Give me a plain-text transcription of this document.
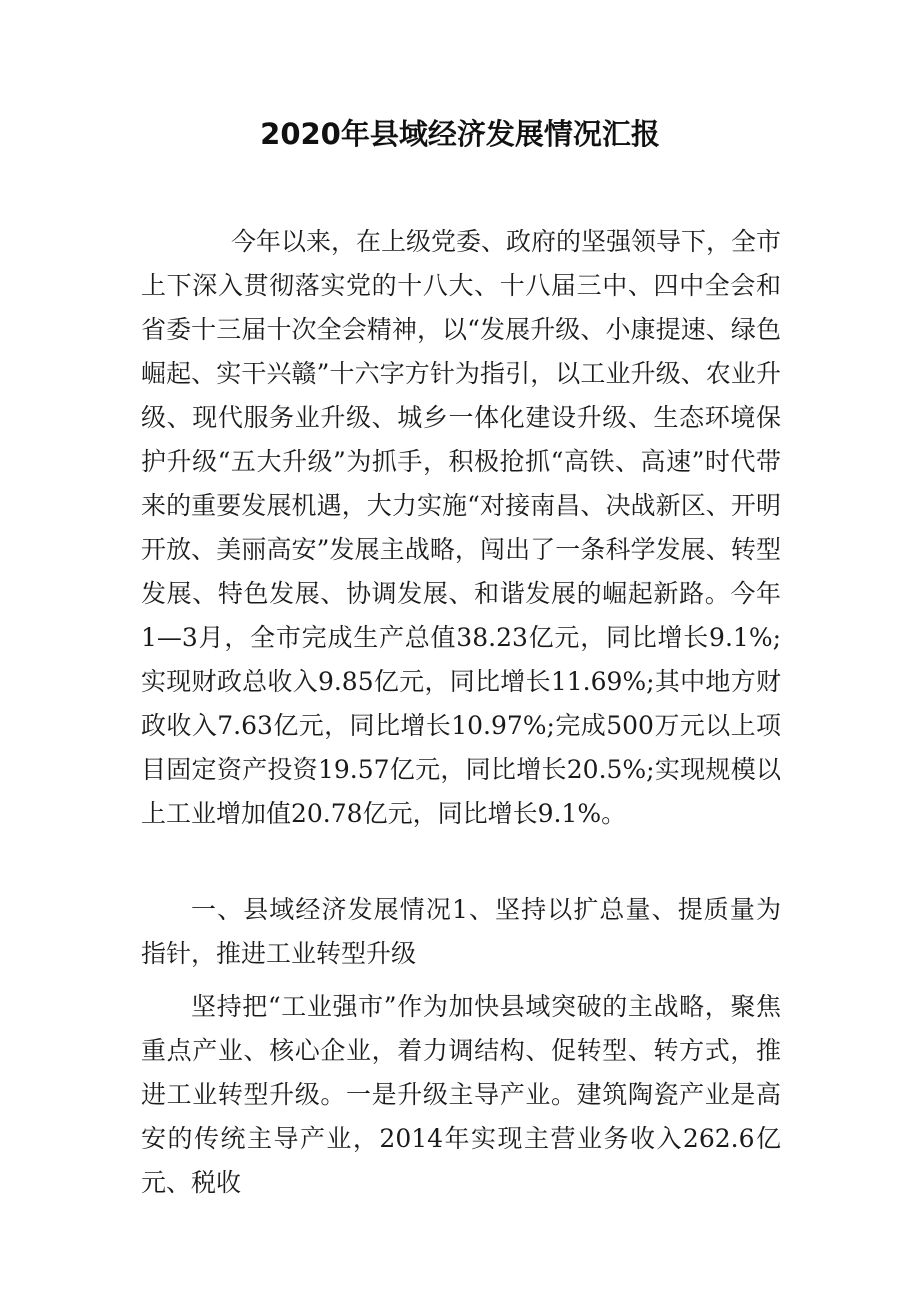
2020年县域经济发展情况汇报

今年以来，在上级党委、政府的坚强领导下，全市上下深入贯彻落实党的十八大、十八届三中、四中全会和省委十三届十次全会精神，以“发展升级、小康提速、绿色崛起、实干兴赣”十六字方针为指引，以工业升级、农业升级、现代服务业升级、城乡一体化建设升级、生态环境保护升级“五大升级”为抓手，积极抢抓“高铁、高速”时代带来的重要发展机遇，大力实施“对接南昌、决战新区、开明开放、美丽高安”发展主战略，闯出了一条科学发展、转型发展、特色发展、协调发展、和谐发展的崛起新路。今年1—3月，全市完成生产总值38.23亿元，同比增长9.1%;实现财政总收入9.85亿元，同比增长11.69%;其中地方财政收入7.63亿元，同比增长10.97%;完成500万元以上项目固定资产投资19.57亿元，同比增长20.5%;实现规模以上工业增加值20.78亿元，同比增长9.1%。

一、县域经济发展情况1、坚持以扩总量、提质量为指针，推进工业转型升级

坚持把“工业强市”作为加快县域突破的主战略，聚焦重点产业、核心企业，着力调结构、促转型、转方式，推进工业转型升级。一是升级主导产业。建筑陶瓷产业是高安的传统主导产业，2014年实现主营业务收入262.6亿元、税收
